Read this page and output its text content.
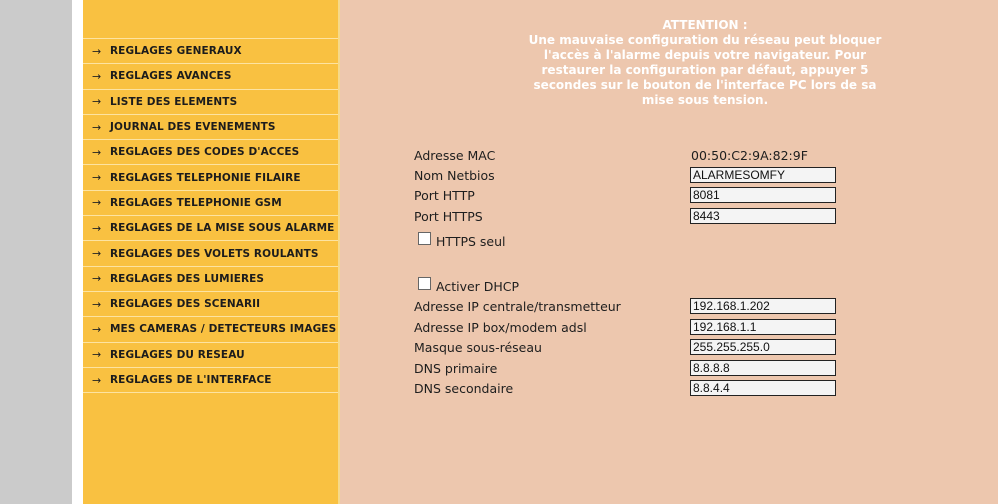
→ REGLAGES GENERAUX
→ REGLAGES AVANCES
→ LISTE DES ELEMENTS
→ JOURNAL DES EVENEMENTS
→ REGLAGES DES CODES D'ACCES
→ REGLAGES TELEPHONIE FILAIRE
→ REGLAGES TELEPHONIE GSM
→ REGLAGES DE LA MISE SOUS ALARME
→ REGLAGES DES VOLETS ROULANTS
→ REGLAGES DES LUMIERES
→ REGLAGES DES SCENARII
→ MES CAMERAS / DETECTEURS IMAGES
→ REGLAGES DU RESEAU
→ REGLAGES DE L'INTERFACE
ATTENTION :
Une mauvaise configuration du réseau peut bloquer
l'accès à l'alarme depuis votre navigateur. Pour
restaurer la configuration par défaut, appuyer 5
secondes sur le bouton de l'interface PC lors de sa
mise sous tension.
Adresse MAC	00:50:C2:9A:82:9F
Nom Netbios
ALARMESOMFY
Port HTTP
8081
Port HTTPS
8443
HTTPS seul
Activer DHCP
Adresse IP centrale/transmetteur
192.168.1.202
Adresse IP box/modem adsl
192.168.1.1
Masque sous-réseau
255.255.255.0
DNS primaire
8.8.8.8
DNS secondaire
8.8.4.4
